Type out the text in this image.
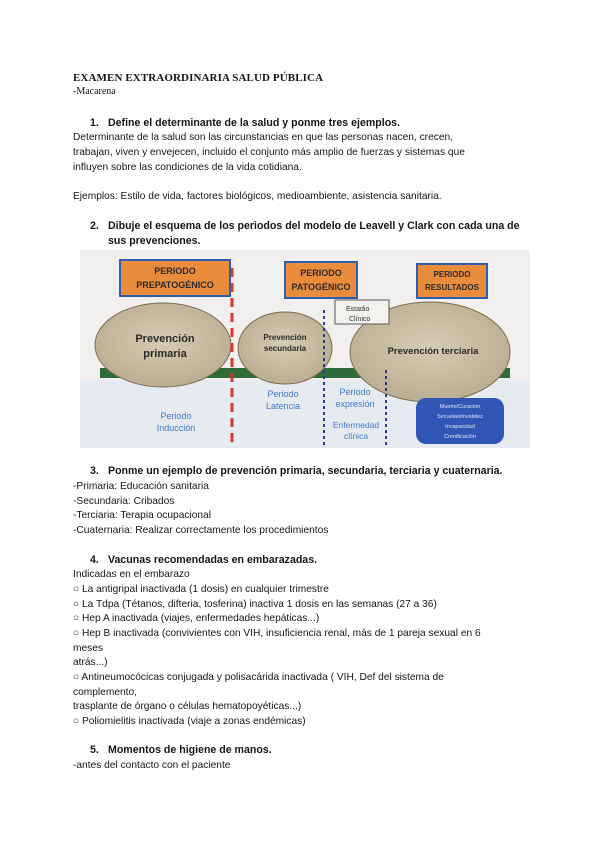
EXAMEN EXTRAORDINARIA SALUD PÚBLICA
-Macarena
1. Define el determinante de la salud y ponme tres ejemplos.
Determinante de la salud son las circunstancias en que las personas nacen, crecen,
trabajan, viven y envejecen, incluido el conjunto más amplio de fuerzas y sistemas que
influyen sobre las condiciones de la vida cotidiana.
Ejemplos: Estilo de vida, factores biológicos, medioambiente, asistencia sanitaria.
2. Dibuje el esquema de los periodos del modelo de Leavell y Clark con cada una de sus prevenciones.
PERIODO
PREPATOGÉNICO
PERIODO
PATOGÉNICO
PERIODO
RESULTADOS
Estadio
Clínico
Prevención
primaria
Prevención
secundaria	Prevención terciaria
Periodo
Inducción
Periodo
Latencia
Periodo
expresión
Enfermedad
clínica
Muerte/Curación
Secuelas/Invalidez
Incapacidad
Cronificación
3. Ponme un ejemplo de prevención primaria, secundaria, terciaria y cuaternaria.
-Primaria: Educación sanitaria
-Secundaria: Cribados
-Terciaria: Terapia ocupacional
-Cuaternaria: Realizar correctamente los procedimientos
4. Vacunas recomendadas en embarazadas.
Indicadas en el embarazo
○ La antigripal inactivada (1 dosis) en cualquier trimestre
○ La Tdpa (Tétanos, difteria, tosferina) inactiva 1 dosis en las semanas (27 a 36)
○ Hep A inactivada (viajes, enfermedades hepáticas...)
○ Hep B inactivada (convivientes con VIH, insuficiencia renal, más de 1 pareja sexual en 6
meses
atrás...)
○ Antineumocócicas conjugada y polisacárida inactivada ( VIH, Def del sistema de
complemento,
trasplante de órgano o células hematopoyéticas...)
○ Poliomielitis inactivada (viaje a zonas endémicas)
5. Momentos de higiene de manos.
-antes del contacto con el paciente
